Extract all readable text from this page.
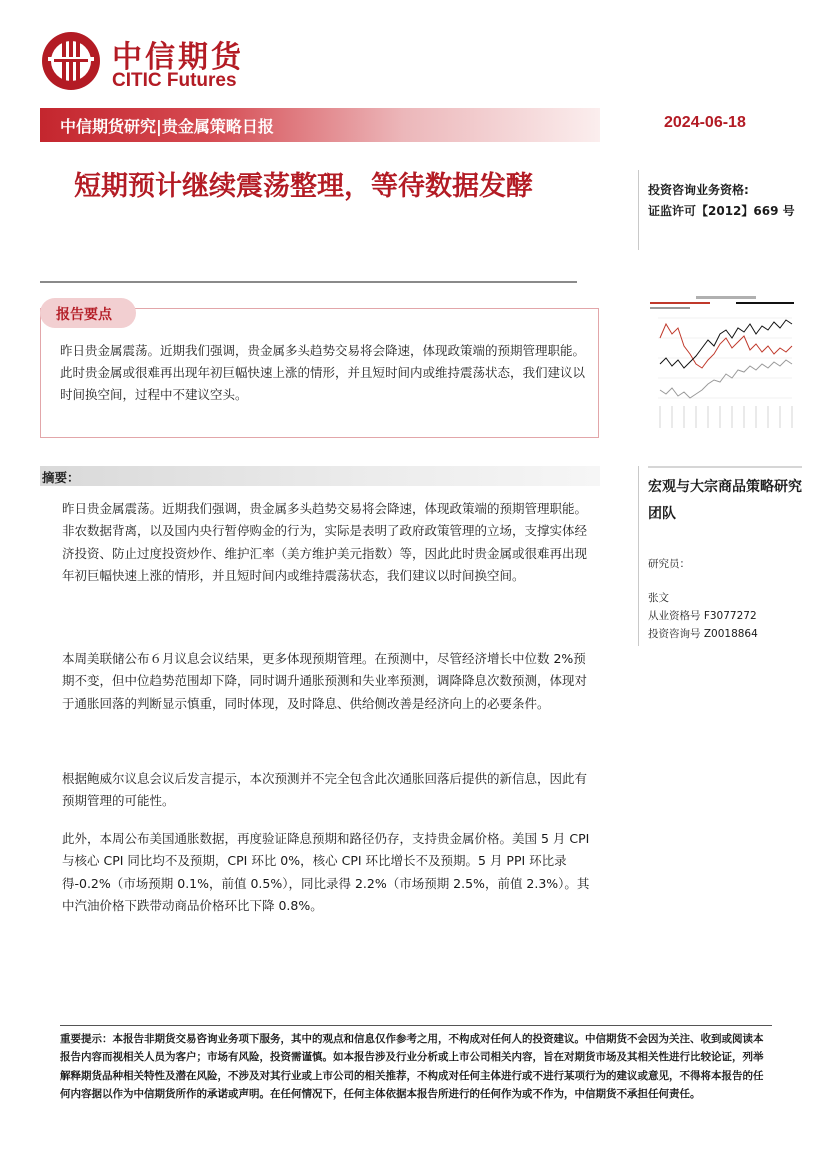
中信期货
CITIC Futures
中信期货研究|贵金属策略日报	2024-06-18
短期预计继续震荡整理，等待数据发酵	投资咨询业务资格:
证监许可【2012】669 号
报告要点
昨日贵金属震荡。近期我们强调，贵金属多头趋势交易将会降速，体现政策端的预期管理职能。此时贵金属或很难再出现年初巨幅快速上涨的情形，并且短时间内或维持震荡状态，我们建议以时间换空间，过程中不建议空头。
摘要：
昨日贵金属震荡。近期我们强调，贵金属多头趋势交易将会降速，体现政策端的预期管理职能。非农数据背离，以及国内央行暂停购金的行为，实际是表明了政府政策管理的立场，支撑实体经济投资、防止过度投资炒作、维护汇率（美方维护美元指数）等，因此此时贵金属或很难再出现年初巨幅快速上涨的情形，并且短时间内或维持震荡状态，我们建议以时间换空间。
本周美联储公布６月议息会议结果，更多体现预期管理。在预测中，尽管经济增长中位数 2%预期不变，但中位趋势范围却下降，同时调升通胀预测和失业率预测，调降降息次数预测，体现对于通胀回落的判断显示慎重，同时体现，及时降息、供给侧改善是经济向上的必要条件。
根据鲍威尔议息会议后发言提示，本次预测并不完全包含此次通胀回落后提供的新信息，因此有预期管理的可能性。
此外，本周公布美国通胀数据，再度验证降息预期和路径仍存，支持贵金属价格。美国 5 月 CPI 与核心 CPI 同比均不及预期，CPI 环比 0%，核心 CPI 环比增长不及预期。5 月 PPI 环比录得-0.2%（市场预期 0.1%，前值 0.5%），同比录得 2.2%（市场预期 2.5%，前值 2.3%）。其中汽油价格下跌带动商品价格环比下降 0.8%。
宏观与大宗商品策略研究团队
研究员：
张文
从业资格号 F3077272
投资咨询号 Z0018864
重要提示：本报告非期货交易咨询业务项下服务，其中的观点和信息仅作参考之用，不构成对任何人的投资建议。中信期货不会因为关注、收到或阅读本报告内容而视相关人员为客户；市场有风险，投资需谨慎。如本报告涉及行业分析或上市公司相关内容，旨在对期货市场及其相关性进行比较论证，列举解释期货品种相关特性及潜在风险，不涉及对其行业或上市公司的相关推荐，不构成对任何主体进行或不进行某项行为的建议或意见，不得将本报告的任何内容据以作为中信期货所作的承诺或声明。在任何情况下，任何主体依据本报告所进行的任何作为或不作为，中信期货不承担任何责任。
